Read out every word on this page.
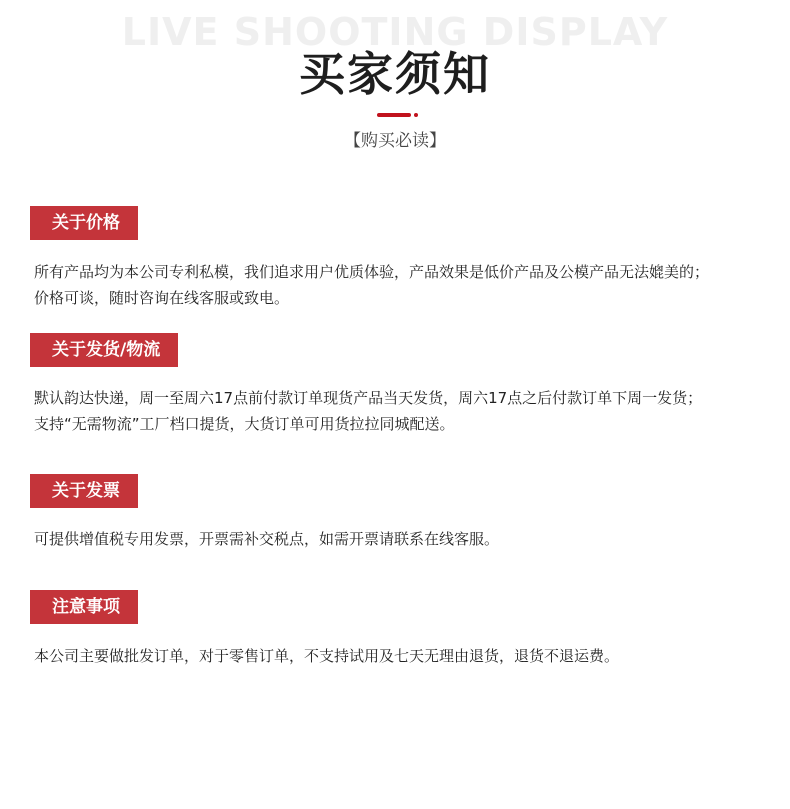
LIVE SHOOTING DISPLAY
买家须知
【购买必读】
关于价格

所有产品均为本公司专利私模，我们追求用户优质体验，产品效果是低价产品及公模产品无法媲美的；

价格可谈，随时咨询在线客服或致电。

关于发货/物流

默认韵达快递，周一至周六17点前付款订单现货产品当天发货，周六17点之后付款订单下周一发货；

支持“无需物流”工厂档口提货，大货订单可用货拉拉同城配送。

关于发票

可提供增值税专用发票，开票需补交税点，如需开票请联系在线客服。

注意事项

本公司主要做批发订单，对于零售订单，不支持试用及七天无理由退货，退货不退运费。
